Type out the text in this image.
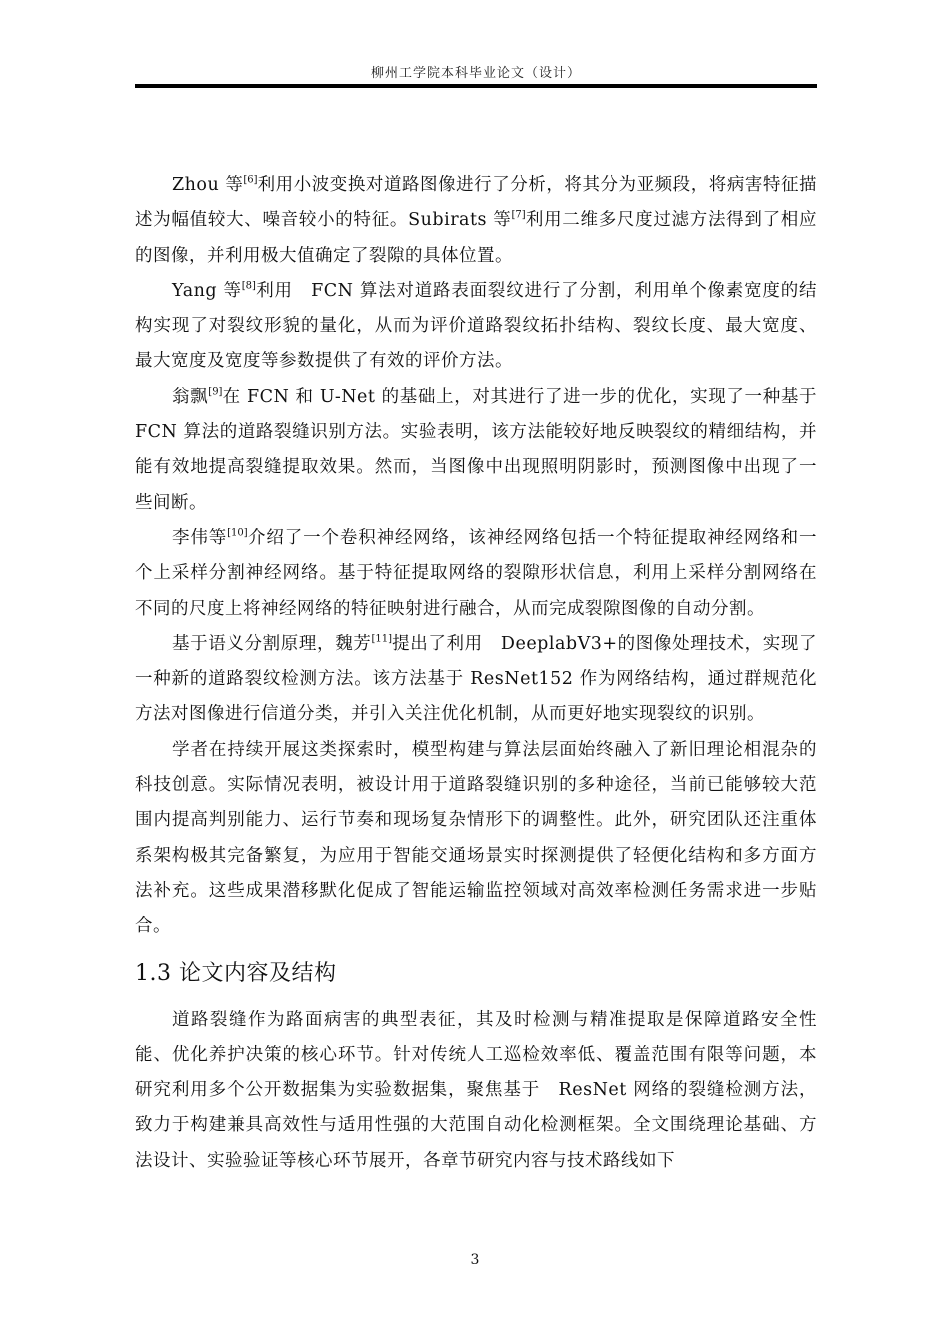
柳州工学院本科毕业论文（设计）

Zhou 等[6]利用小波变换对道路图像进行了分析，将其分为亚频段，将病害特征描述为幅值较大、噪音较小的特征。Subirats 等[7]利用二维多尺度过滤方法得到了相应的图像，并利用极大值确定了裂隙的具体位置。

Yang 等[8]利用　FCN 算法对道路表面裂纹进行了分割，利用单个像素宽度的结构实现了对裂纹形貌的量化，从而为评价道路裂纹拓扑结构、裂纹长度、最大宽度、最大宽度及宽度等参数提供了有效的评价方法。

翁飘[9]在 FCN 和 U-Net 的基础上，对其进行了进一步的优化，实现了一种基于 FCN 算法的道路裂缝识别方法。实验表明，该方法能较好地反映裂纹的精细结构，并能有效地提高裂缝提取效果。然而，当图像中出现照明阴影时，预测图像中出现了一些间断。

李伟等[10]介绍了一个卷积神经网络，该神经网络包括一个特征提取神经网络和一个上采样分割神经网络。基于特征提取网络的裂隙形状信息，利用上采样分割网络在不同的尺度上将神经网络的特征映射进行融合，从而完成裂隙图像的自动分割。

基于语义分割原理，魏芳[11]提出了利用　DeeplabV3+的图像处理技术，实现了一种新的道路裂纹检测方法。该方法基于 ResNet152 作为网络结构，通过群规范化方法对图像进行信道分类，并引入关注优化机制，从而更好地实现裂纹的识别。

学者在持续开展这类探索时，模型构建与算法层面始终融入了新旧理论相混杂的科技创意。实际情况表明，被设计用于道路裂缝识别的多种途径，当前已能够较大范围内提高判别能力、运行节奏和现场复杂情形下的调整性。此外，研究团队还注重体系架构极其完备繁复，为应用于智能交通场景实时探测提供了轻便化结构和多方面方法补充。这些成果潜移默化促成了智能运输监控领域对高效率检测任务需求进一步贴合。

1.3 论文内容及结构

道路裂缝作为路面病害的典型表征，其及时检测与精准提取是保障道路安全性能、优化养护决策的核心环节。针对传统人工巡检效率低、覆盖范围有限等问题，本研究利用多个公开数据集为实验数据集，聚焦基于　ResNet 网络的裂缝检测方法，致力于构建兼具高效性与适用性强的大范围自动化检测框架。全文围绕理论基础、方法设计、实验验证等核心环节展开，各章节研究内容与技术路线如下

3
